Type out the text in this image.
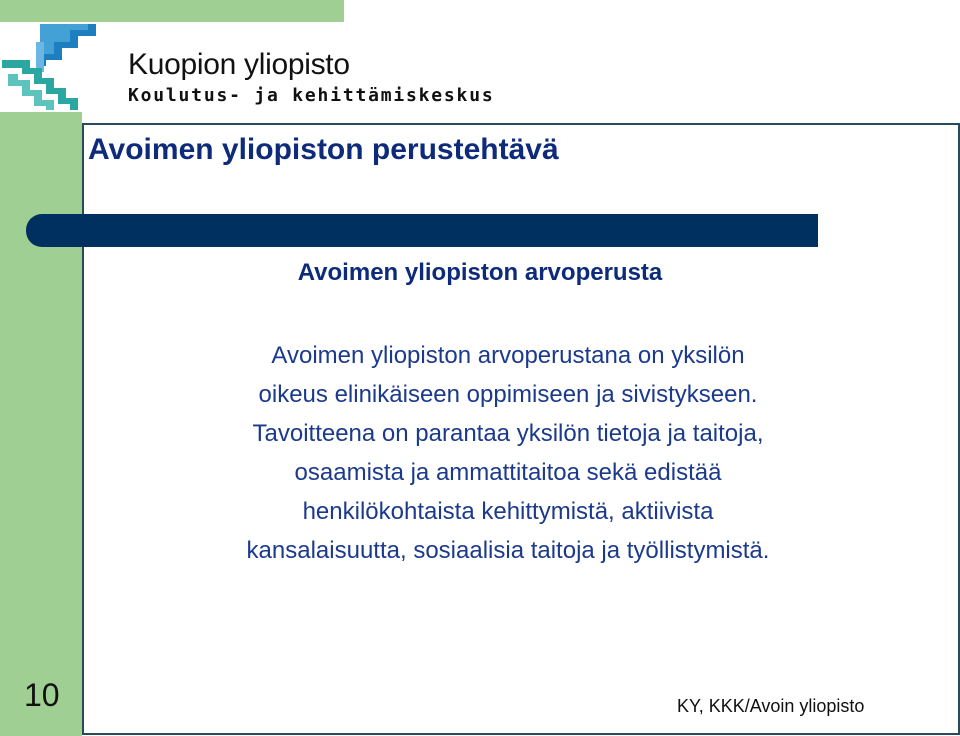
Kuopion yliopisto
Koulutus- ja kehittämiskeskus
Avoimen yliopiston perustehtävä
Avoimen yliopiston arvoperusta

Avoimen yliopiston arvoperustana on yksilön
oikeus elinikäiseen oppimiseen ja sivistykseen.
Tavoitteena on parantaa yksilön tietoja ja taitoja,
osaamista ja ammattitaitoa sekä edistää
henkilökohtaista kehittymistä, aktiivista
kansalaisuutta, sosiaalisia taitoja ja työllistymistä.

10	KY, KKK/Avoin yliopisto
